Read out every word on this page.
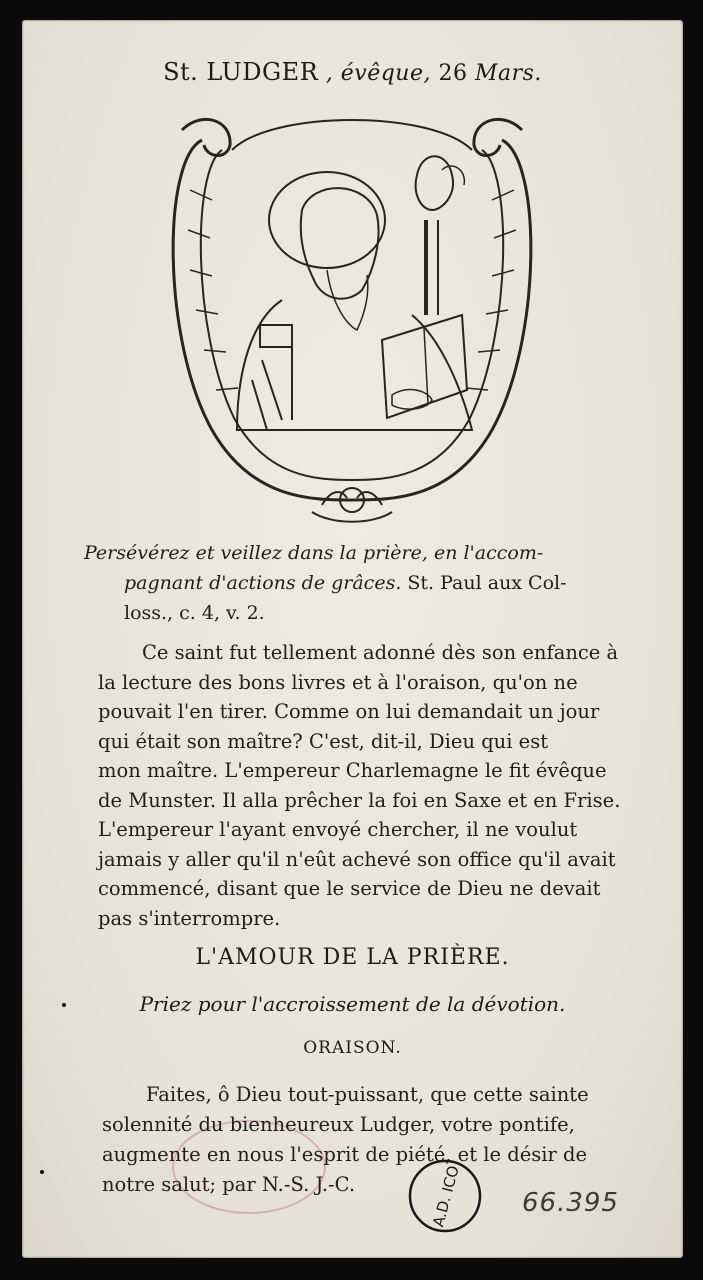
St. LUDGER , évêque, 26 Mars.
Persévérez et veillez dans la prière, en l'accom-
pagnant d'actions de grâces. St. Paul aux Col-
loss., c. 4, v. 2.
Ce saint fut tellement adonné dès son enfance à
la lecture des bons livres et à l'oraison, qu'on ne
pouvait l'en tirer. Comme on lui demandait un jour
qui était son maître? C'est, dit-il, Dieu qui est
mon maître. L'empereur Charlemagne le fit évêque
de Munster. Il alla prêcher la foi en Saxe et en Frise.
L'empereur l'ayant envoyé chercher, il ne voulut
jamais y aller qu'il n'eût achevé son office qu'il avait
commencé, disant que le service de Dieu ne devait
pas s'interrompre.
L'AMOUR DE LA PRIÈRE.
Priez pour l'accroissement de la dévotion.
ORAISON.
Faites, ô Dieu tout-puissant, que cette sainte
solennité du bienheureux Ludger, votre pontife,
augmente en nous l'esprit de piété, et le désir de
notre salut; par N.-S. J.-C.	A.D. ICO 66.395
